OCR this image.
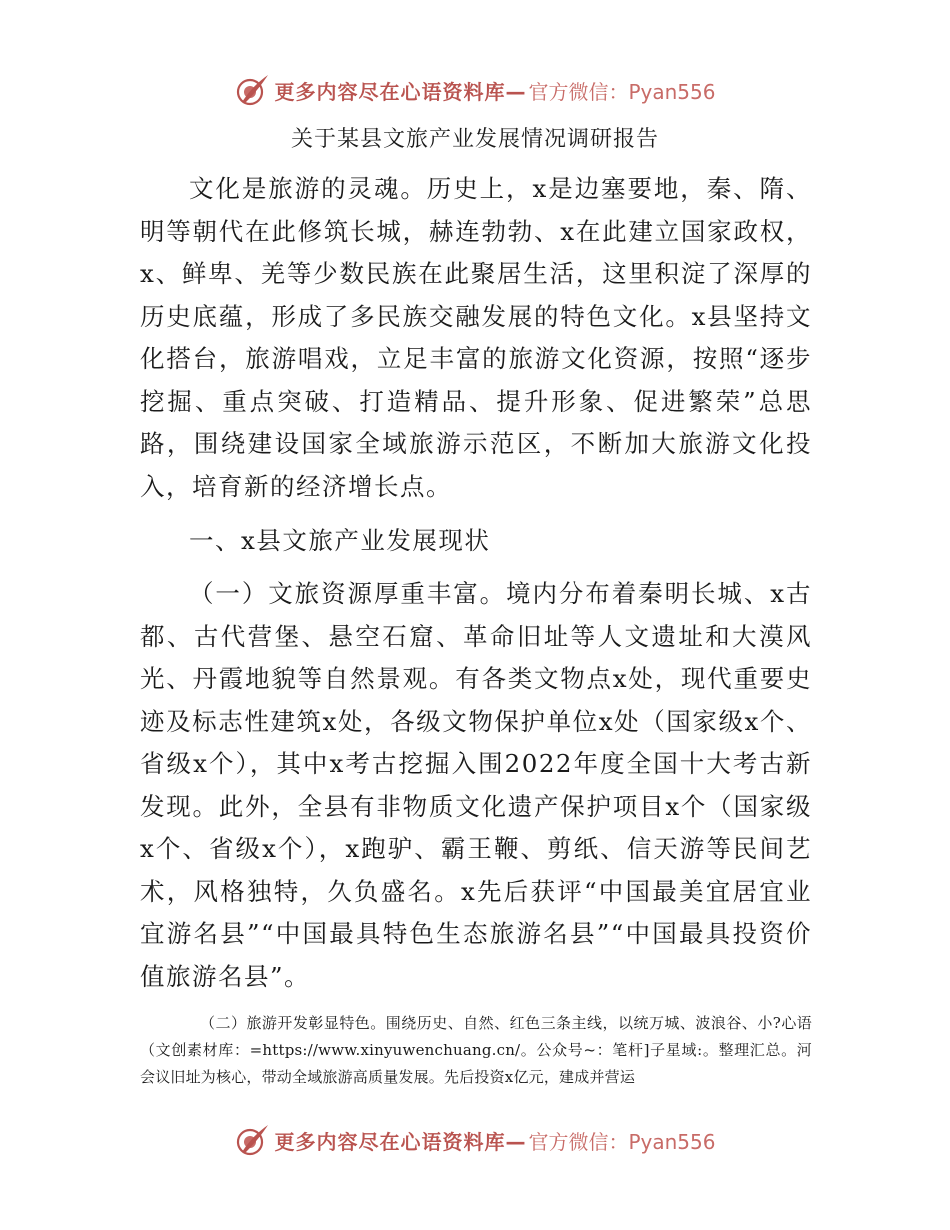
更多内容尽在心语资料库— 官方微信：Pyan556
关于某县文旅产业发展情况调研报告

文化是旅游的灵魂。历史上，x是边塞要地，秦、隋、明等朝代在此修筑长城，赫连勃勃、x在此建立国家政权，x、鲜卑、羌等少数民族在此聚居生活，这里积淀了深厚的历史底蕴，形成了多民族交融发展的特色文化。x县坚持文化搭台，旅游唱戏，立足丰富的旅游文化资源，按照“逐步挖掘、重点突破、打造精品、提升形象、促进繁荣”总思路，围绕建设国家全域旅游示范区，不断加大旅游文化投入，培育新的经济增长点。

一、x县文旅产业发展现状

（一）文旅资源厚重丰富。境内分布着秦明长城、x古都、古代营堡、悬空石窟、革命旧址等人文遗址和大漠风光、丹霞地貌等自然景观。有各类文物点x处，现代重要史迹及标志性建筑x处，各级文物保护单位x处（国家级x个、省级x个），其中x考古挖掘入围2022年度全国十大考古新发现。此外，全县有非物质文化遗产保护项目x个（国家级x个、省级x个），x跑驴、霸王鞭、剪纸、信天游等民间艺术，风格独特，久负盛名。x先后获评“中国最美宜居宜业宜游名县”“中国最具特色生态旅游名县”“中国最具投资价值旅游名县”。

（二）旅游开发彰显特色。围绕历史、自然、红色三条主线，以统万城、波浪谷、小?心语（文创素材库：=https://www.xinyuwenchuang.cn/。公众号~：笔杆]子星域:。整理汇总。河会议旧址为核心，带动全域旅游高质量发展。先后投资x亿元，建成并营运

更多内容尽在心语资料库— 官方微信：Pyan556
